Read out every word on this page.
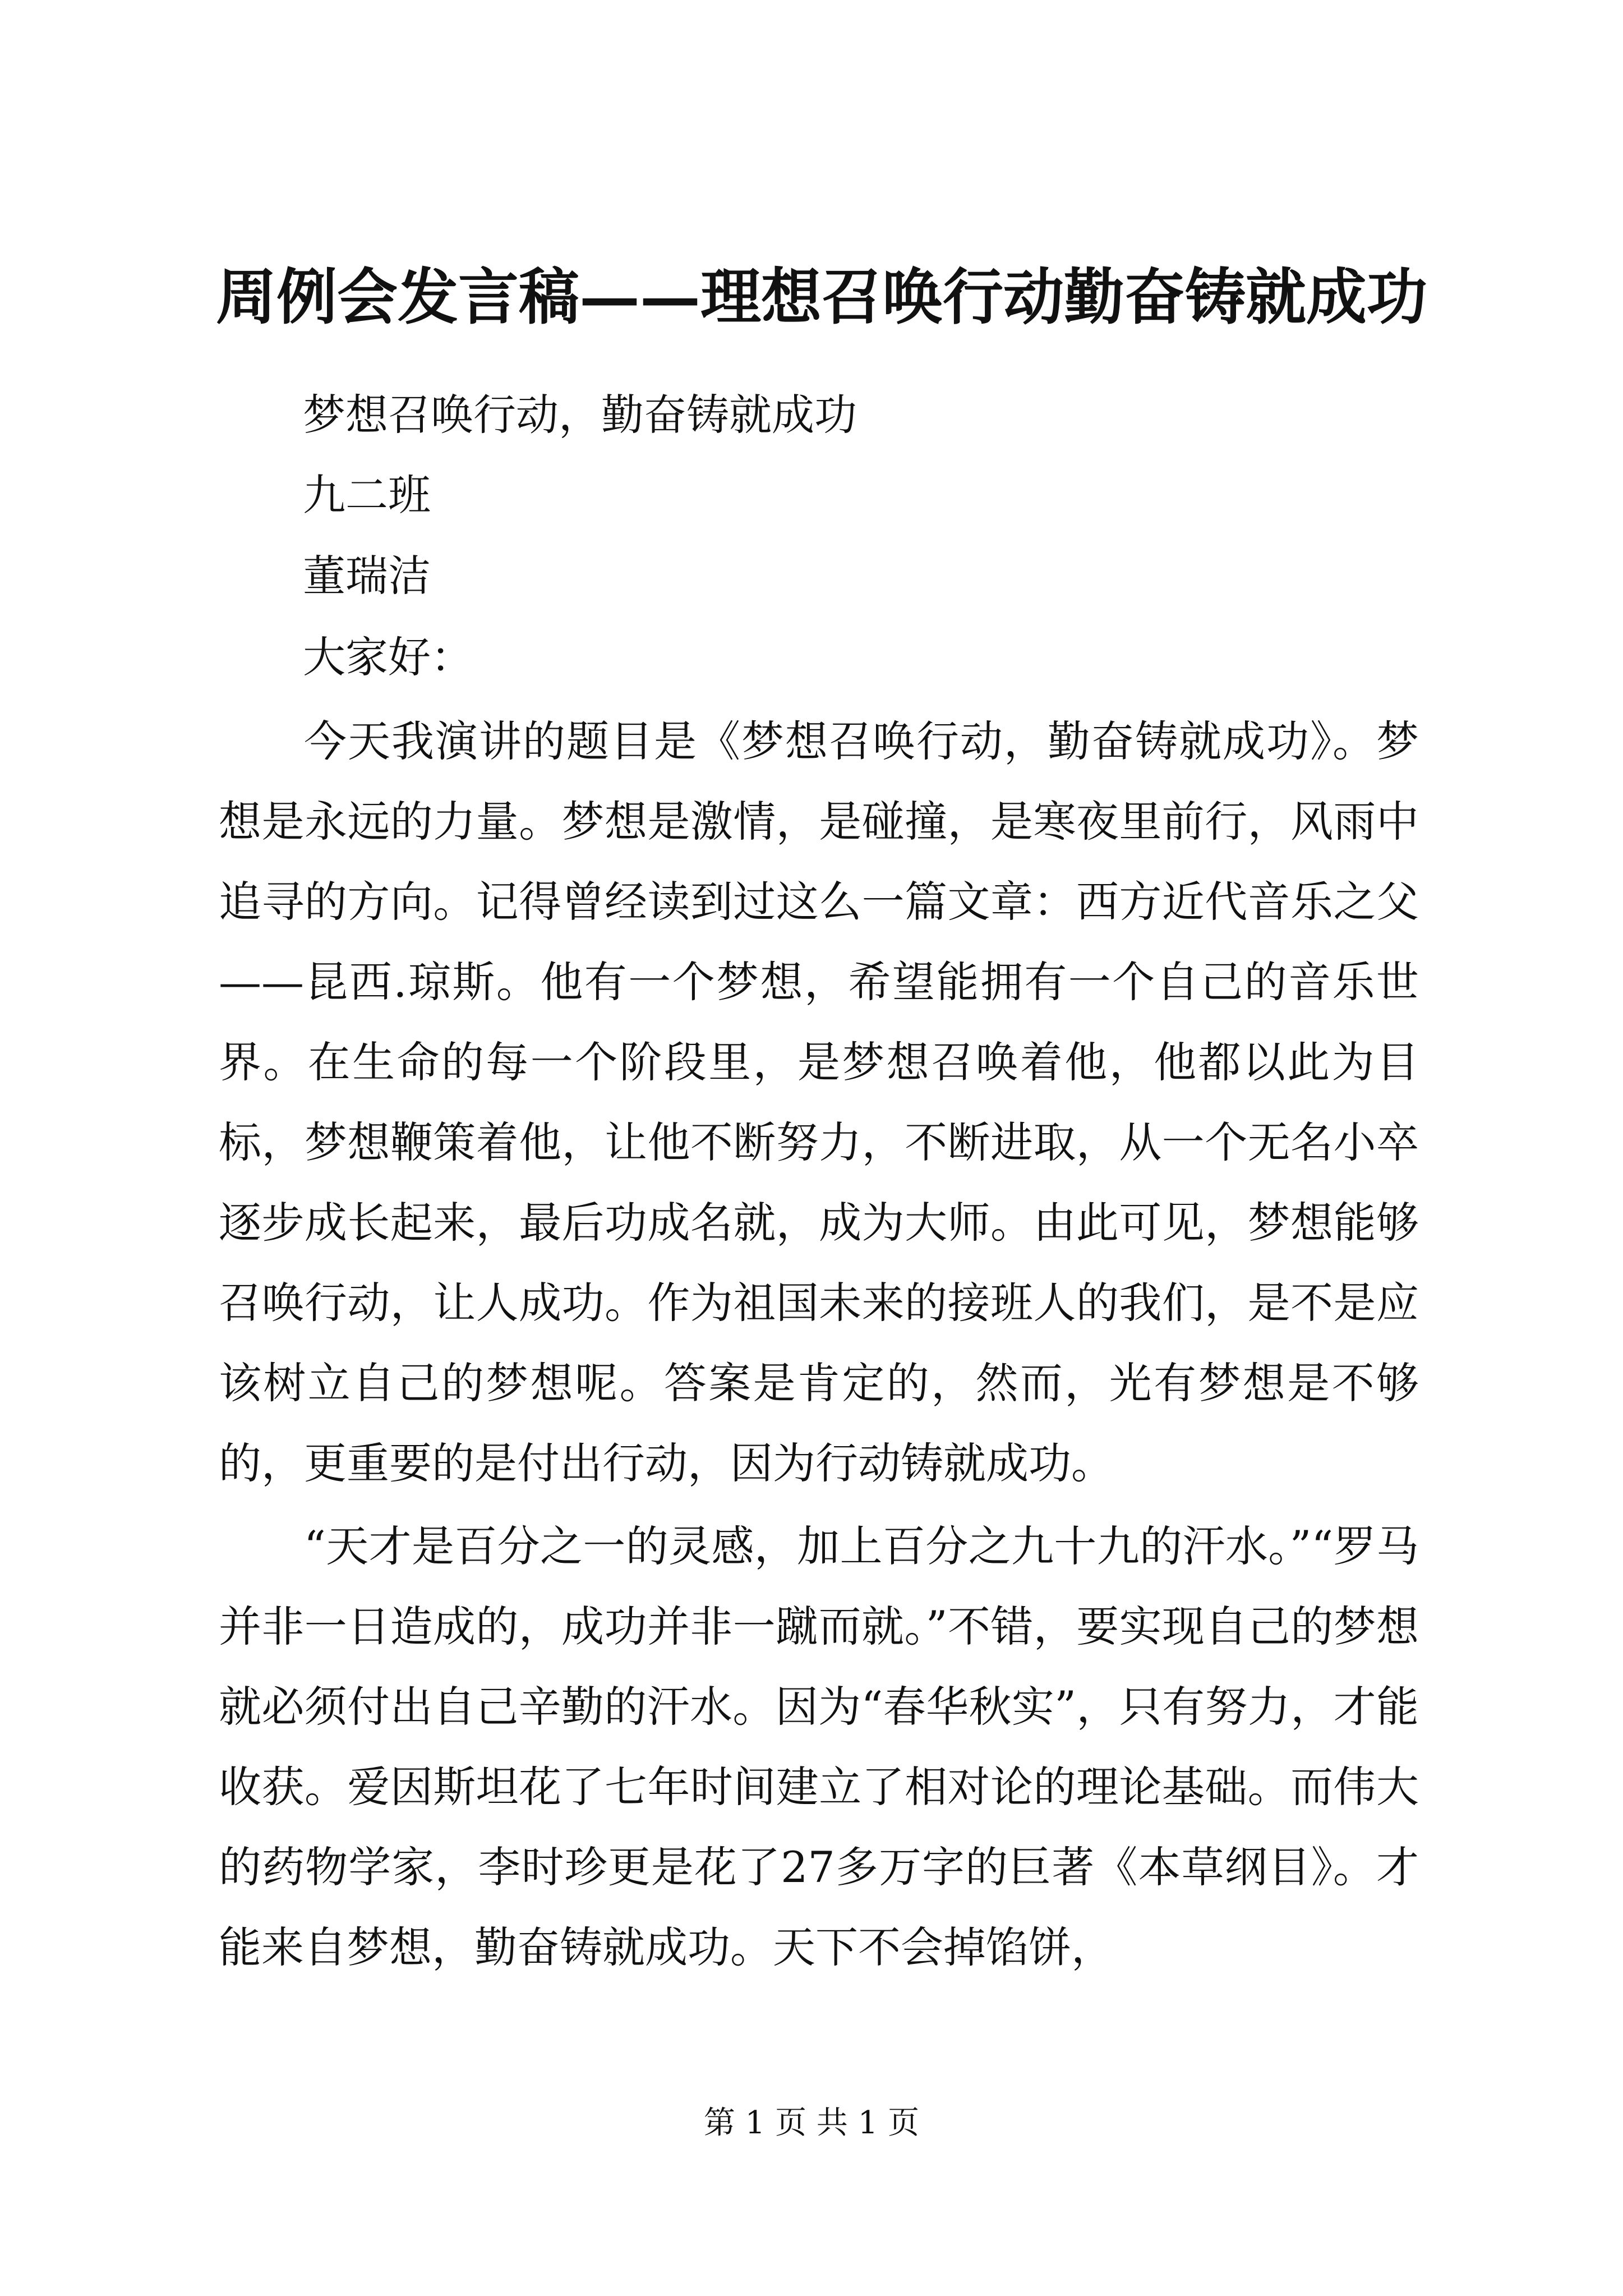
周例会发言稿——理想召唤行动勤奋铸就成功
梦想召唤行动，勤奋铸就成功
九二班
董瑞洁
大家好：

今天我演讲的题目是《梦想召唤行动，勤奋铸就成功》。梦想是永远的力量。梦想是激情，是碰撞，是寒夜里前行，风雨中追寻的方向。记得曾经读到过这么一篇文章：西方近代音乐之父——昆西.琼斯。他有一个梦想，希望能拥有一个自己的音乐世界。在生命的每一个阶段里，是梦想召唤着他，他都以此为目标，梦想鞭策着他，让他不断努力，不断进取，从一个无名小卒逐步成长起来，最后功成名就，成为大师。由此可见，梦想能够召唤行动，让人成功。作为祖国未来的接班人的我们，是不是应该树立自己的梦想呢。答案是肯定的，然而，光有梦想是不够的，更重要的是付出行动，因为行动铸就成功。

“天才是百分之一的灵感，加上百分之九十九的汗水。”“罗马并非一日造成的，成功并非一蹴而就。”不错，要实现自己的梦想就必须付出自己辛勤的汗水。因为“春华秋实”，只有努力，才能收获。爱因斯坦花了七年时间建立了相对论的理论基础。而伟大的药物学家，李时珍更是花了27多万字的巨著《本草纲目》。才能来自梦想，勤奋铸就成功。天下不会掉馅饼，

第 1 页 共 1 页
